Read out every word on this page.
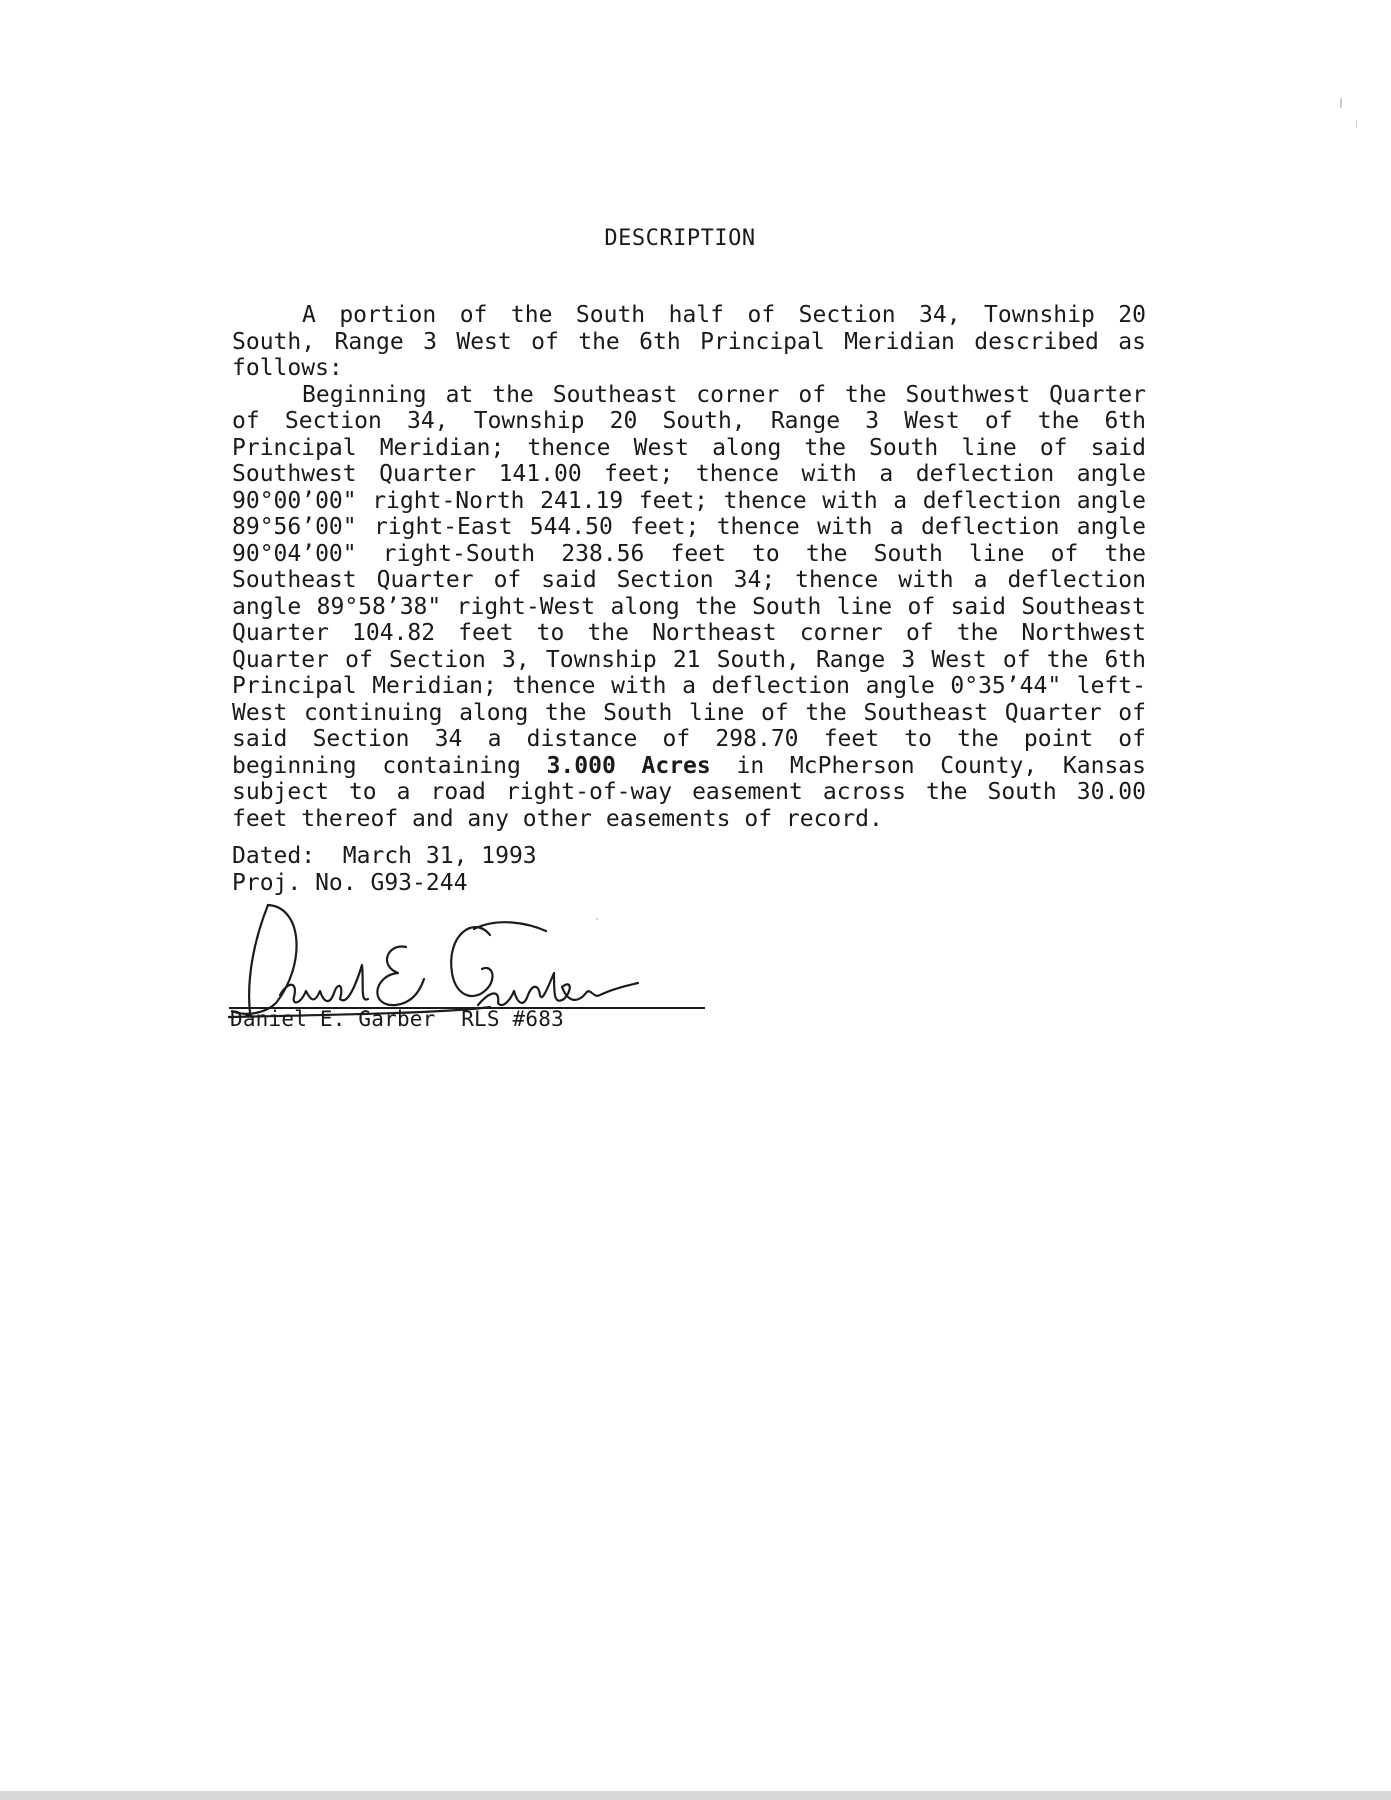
DESCRIPTION

A portion of the South half of Section 34, Township 20 South, Range 3 West of the 6th Principal Meridian described as follows:

Beginning at the Southeast corner of the Southwest Quarter of Section 34, Township 20 South, Range 3 West of the 6th Principal Meridian; thence West along the South line of said Southwest Quarter 141.00 feet; thence with a deflection angle 90°00’00" right-North 241.19 feet; thence with a deflection angle 89°56’00" right-East 544.50 feet; thence with a deflection angle 90°04’00" right-South 238.56 feet to the South line of the Southeast Quarter of said Section 34; thence with a deflection angle 89°58’38" right-West along the South line of said Southeast Quarter 104.82 feet to the Northeast corner of the Northwest Quarter of Section 3, Township 21 South, Range 3 West of the 6th Principal Meridian; thence with a deflection angle 0°35’44" left-West continuing along the South line of the Southeast Quarter of said Section 34 a distance of 298.70 feet to the point of beginning containing 3.000 Acres in McPherson County, Kansas subject to a road right-of-way easement across the South 30.00 feet thereof and any other easements of record.

Dated: March 31, 1993
Proj. No. G93-244
Daniel E. Garber RLS #683
